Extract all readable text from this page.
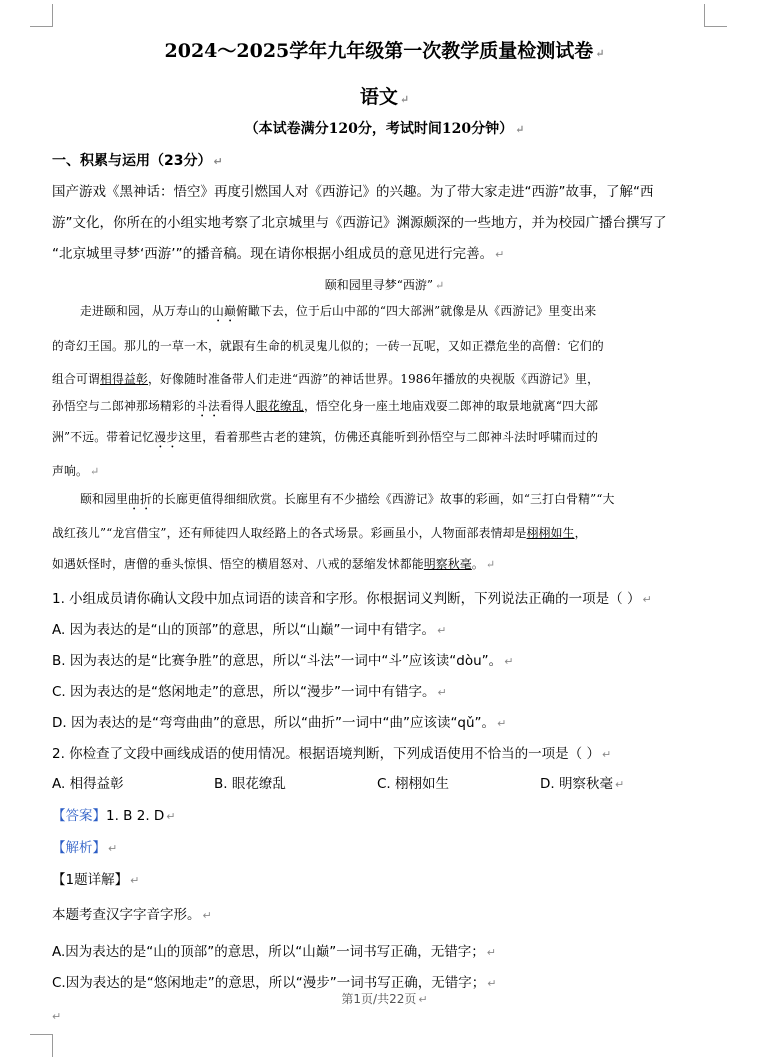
2024～2025学年九年级第一次教学质量检测试卷 ↵
语文 ↵
（本试卷满分120分，考试时间120分钟） ↵
一、积累与运用（23分） ↵
国产游戏《黑神话：悟空》再度引燃国人对《西游记》的兴趣。为了带大家走进“西游”故事，了解“西
游”文化，你所在的小组实地考察了北京城里与《西游记》渊源颇深的一些地方，并为校园广播台撰写了
“北京城里寻梦‘西游’”的播音稿。现在请你根据小组成员的意见进行完善。 ↵
颐和园里寻梦“西游” ↵
走进颐和园，从万寿山的山巅俯瞰下去，位于后山中部的“四大部洲”就像是从《西游记》里变出来
的奇幻王国。那儿的一草一木，就跟有生命的机灵鬼儿似的；一砖一瓦呢，又如正襟危坐的高僧：它们的
组合可谓相得益彰，好像随时准备带人们走进“西游”的神话世界。1986年播放的央视版《西游记》里，
孙悟空与二郎神那场精彩的斗法看得人眼花缭乱，悟空化身一座土地庙戏耍二郎神的取景地就离“四大部
洲”不远。带着记忆漫步这里，看着那些古老的建筑，仿佛还真能听到孙悟空与二郎神斗法时呼啸而过的
声响。 ↵
颐和园里曲折的长廊更值得细细欣赏。长廊里有不少描绘《西游记》故事的彩画，如“三打白骨精”“大
战红孩儿”“龙宫借宝”，还有师徒四人取经路上的各式场景。彩画虽小，人物面部表情却是栩栩如生，
如遇妖怪时，唐僧的垂头惊惧、悟空的横眉怒对、八戒的瑟缩发怵都能明察秋毫。 ↵
1. 小组成员请你确认文段中加点词语的读音和字形。你根据词义判断，下列说法正确的一项是（ ） ↵
A. 因为表达的是“山的顶部”的意思，所以“山巅”一词中有错字。 ↵
B. 因为表达的是“比赛争胜”的意思，所以“斗法”一词中“斗”应该读“dòu”。 ↵
C. 因为表达的是“悠闲地走”的意思，所以“漫步”一词中有错字。 ↵
D. 因为表达的是“弯弯曲曲”的意思，所以“曲折”一词中“曲”应该读“qǔ”。 ↵
2. 你检查了文段中画线成语的使用情况。根据语境判断，下列成语使用不恰当的一项是（ ） ↵
A. 相得益彰	B. 眼花缭乱	C. 栩栩如生	D. 明察秋毫 ↵
【答案】1. B 2. D ↵
【解析】 ↵
【1题详解】 ↵
本题考查汉字字音字形。 ↵
A.因为表达的是“山的顶部”的意思，所以“山巅”一词书写正确，无错字； ↵
C.因为表达的是“悠闲地走”的意思，所以“漫步”一词书写正确，无错字； ↵
第1页/共22页 ↵
↵
